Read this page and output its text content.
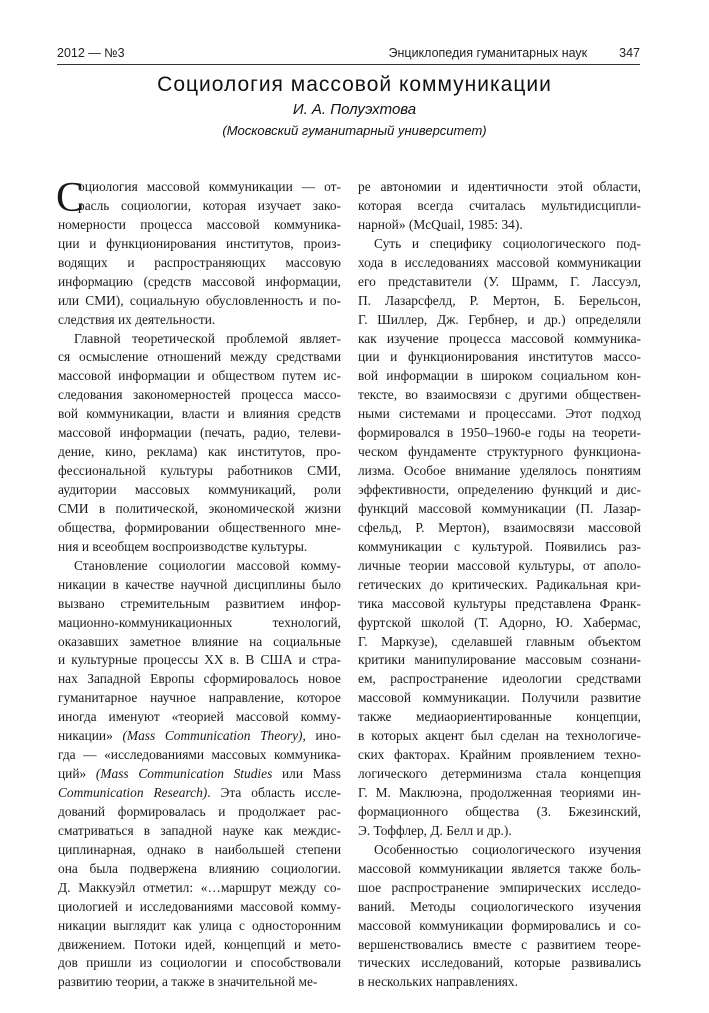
2012 — №3	Энциклопедия гуманитарных наук	347
Социология массовой коммуникации
И. А. Полуэхтова
(Московский гуманитарный университет)
С
оциология массовой коммуникации — от-
расль социологии, которая изучает зако-
номерности процесса массовой коммуника-
ции и функционирования институтов, произ-
водящих и распространяющих массовую
информацию (средств массовой информации,
или СМИ), социальную обусловленность и по-
следствия их деятельности.
Главной теоретической проблемой являет-
ся осмысление отношений между средствами
массовой информации и обществом путем ис-
следования закономерностей процесса массо-
вой коммуникации, власти и влияния средств
массовой информации (печать, радио, телеви-
дение, кино, реклама) как институтов, про-
фессиональной культуры работников СМИ,
аудитории массовых коммуникаций, роли
СМИ в политической, экономической жизни
общества, формировании общественного мне-
ния и всеобщем воспроизводстве культуры.
Становление социологии массовой комму-
никации в качестве научной дисциплины было
вызвано стремительным развитием инфор-
мационно-коммуникационных технологий,
оказавших заметное влияние на социальные
и культурные процессы ХХ в. В США и стра-
нах Западной Европы сформировалось новое
гуманитарное научное направление, которое
иногда именуют «теорией массовой комму-
никации» (Mass Communication Theory), ино-
гда — «исследованиями массовых коммуника-
ций» (Mass Communication Studies или Mass
Communication Research). Эта область иссле-
дований формировалась и продолжает рас-
сматриваться в западной науке как междис-
циплинарная, однако в наибольшей степени
она была подвержена влиянию социологии.
Д. Маккуэйл отметил: «…маршрут между со-
циологией и исследованиями массовой комму-
никации выглядит как улица с односторонним
движением. Потоки идей, концепций и мето-
дов пришли из социологии и способствовали
развитию теории, а также в значительной ме-
ре автономии и идентичности этой области,
которая всегда считалась мультидисципли-
нарной» (McQuail, 1985: 34).
Суть и специфику социологического под-
хода в исследованиях массовой коммуникации
его представители (У. Шрамм, Г. Лассуэл,
П. Лазарсфелд, Р. Мертон, Б. Берельсон,
Г. Шиллер, Дж. Гербнер, и др.) определяли
как изучение процесса массовой коммуника-
ции и функционирования институтов массо-
вой информации в широком социальном кон-
тексте, во взаимосвязи с другими обществен-
ными системами и процессами. Этот подход
формировался в 1950–1960-е годы на теорети-
ческом фундаменте структурного функциона-
лизма. Особое внимание уделялось понятиям
эффективности, определению функций и дис-
функций массовой коммуникации (П. Лазар-
сфельд, Р. Мертон), взаимосвязи массовой
коммуникации с культурой. Появились раз-
личные теории массовой культуры, от аполо-
гетических до критических. Радикальная кри-
тика массовой культуры представлена Франк-
фуртской школой (Т. Адорно, Ю. Хабермас,
Г. Маркузе), сделавшей главным объектом
критики манипулирование массовым сознани-
ем, распространение идеологии средствами
массовой коммуникации. Получили развитие
также медиаориентированные концепции,
в которых акцент был сделан на технологиче-
ских факторах. Крайним проявлением техно-
логического детерминизма стала концепция
Г. М. Маклюэна, продолженная теориями ин-
формационного общества (З. Бжезинский,
Э. Тоффлер, Д. Белл и др.).
Особенностью социологического изучения
массовой коммуникации является также боль-
шое распространение эмпирических исследо-
ваний. Методы социологического изучения
массовой коммуникации формировались и со-
вершенствовались вместе с развитием теоре-
тических исследований, которые развивались
в нескольких направлениях.
